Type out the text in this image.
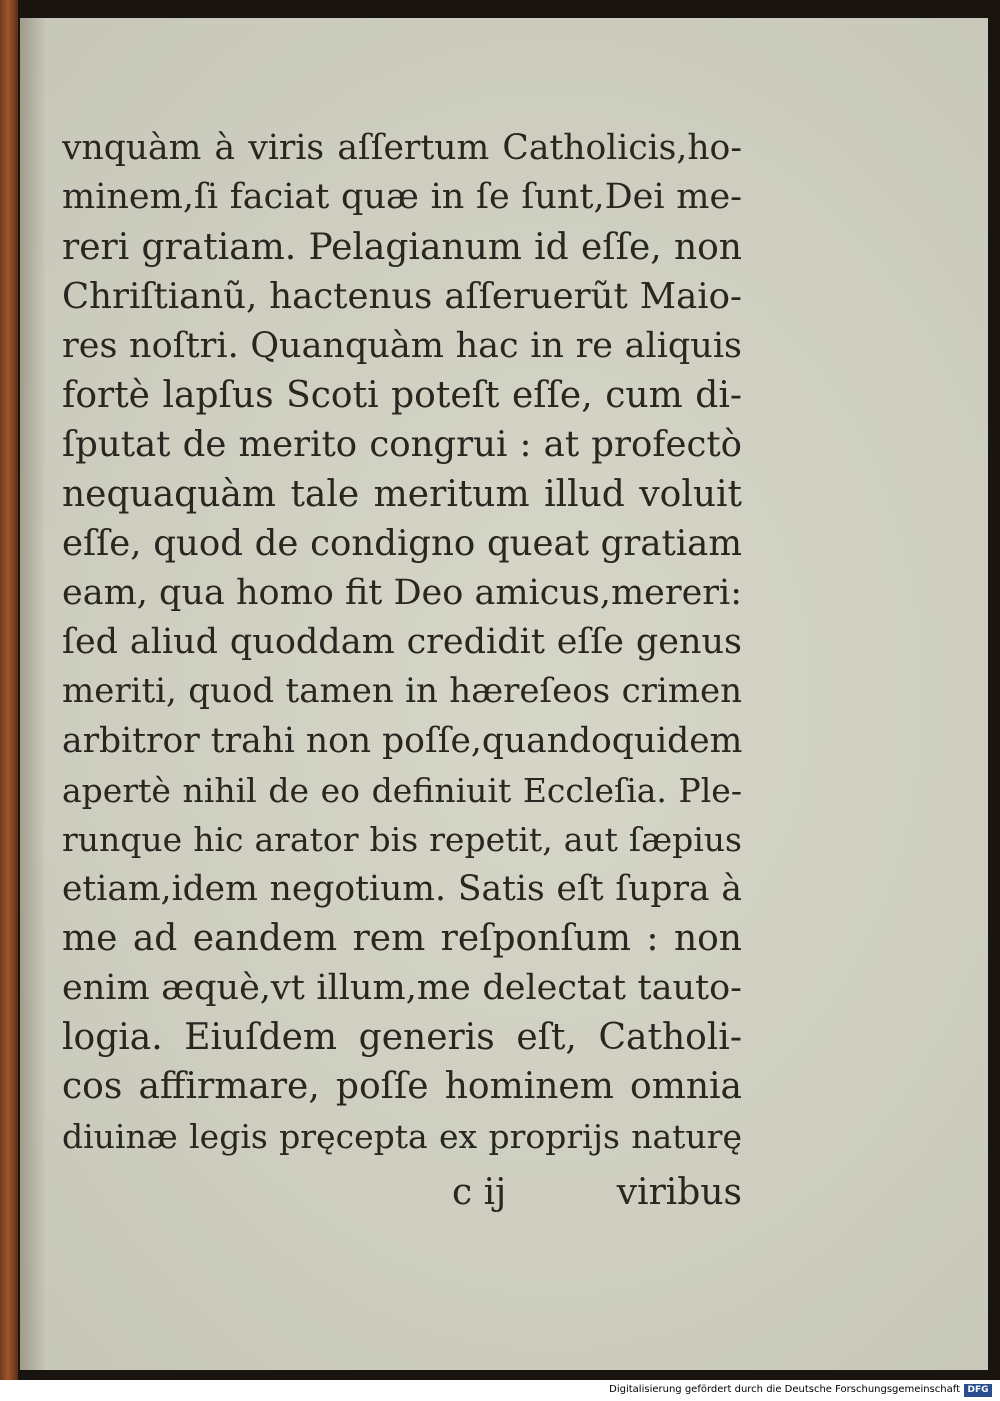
vnquàm à viris aſſertum Catholicis,ho-
minem,ſi faciat quæ in ſe ſunt,Dei me-
reri gratiam. Pelagianum id eſſe, non
Chriſtianũ, hactenus aſſeruerũt Maio-
res noſtri. Quanquàm hac in re aliquis
fortè lapſus Scoti poteſt eſſe, cum di-
ſputat de merito congrui : at profectò
nequaquàm tale meritum illud voluit
eſſe, quod de condigno queat gratiam
eam, qua homo fit Deo amicus,mereri:
ſed aliud quoddam credidit eſſe genus
meriti, quod tamen in hæreſeos crimen
arbitror trahi non poſſe,quandoquidem
apertè nihil de eo definiuit Eccleſia. Ple-
runque hic arator bis repetit, aut ſæpius
etiam,idem negotium. Satis eſt ſupra à
me ad eandem rem reſponſum : non
enim æquè,vt illum,me delectat tauto-
logia. Eiuſdem generis eſt, Catholi-
cos affirmare, poſſe hominem omnia
diuinæ legis pręcepta ex proprijs naturę
c ij	viribus
Digitalisierung gefördert durch die Deutsche Forschungsgemeinschaft DFG
